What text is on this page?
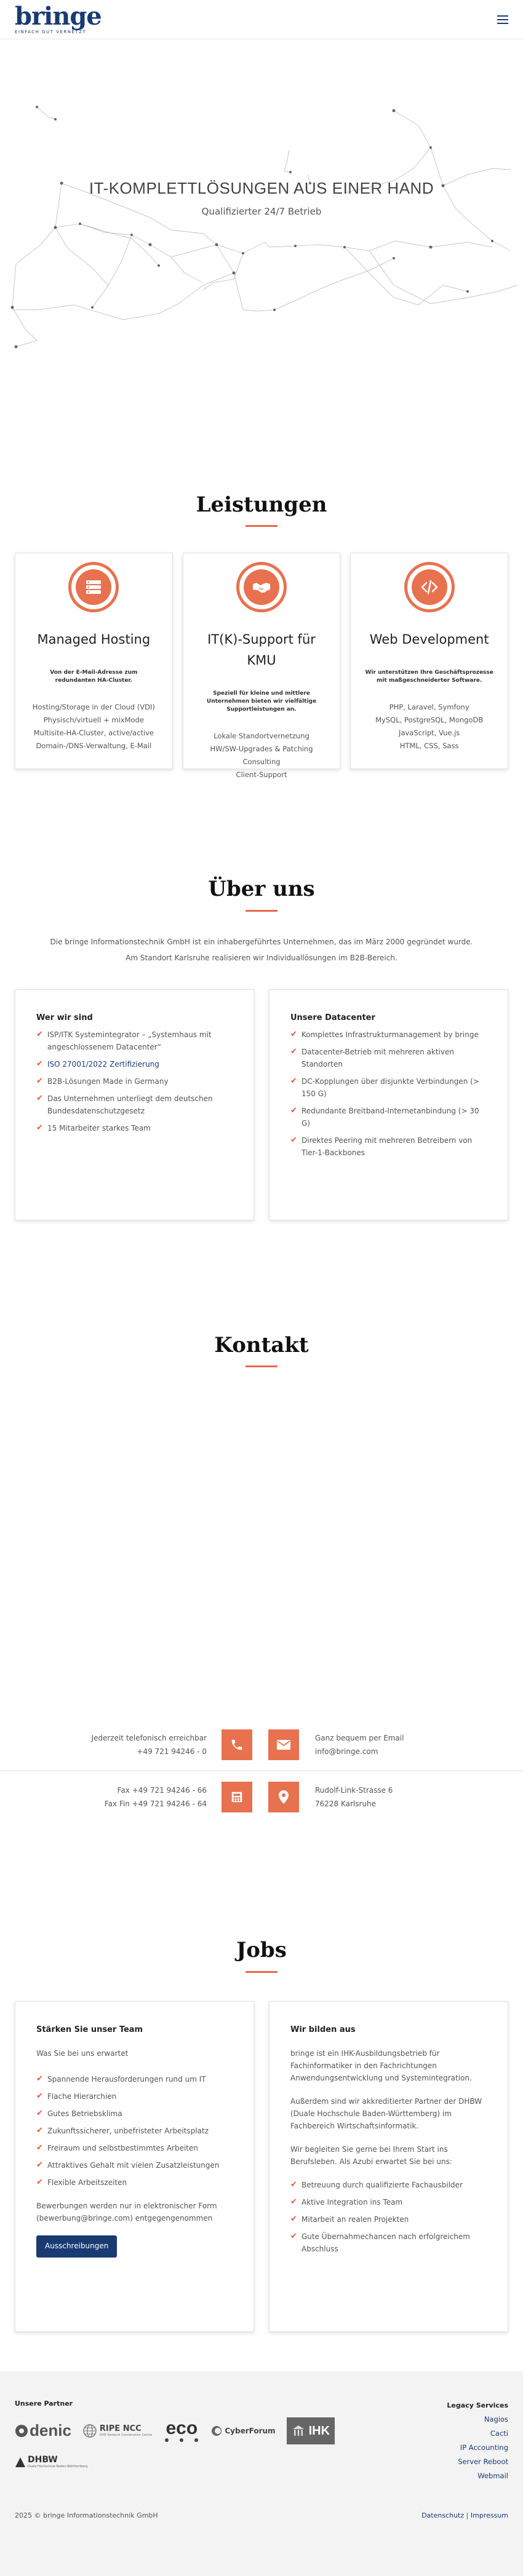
bringe
EINFACH GUT VERNETZT
IT-KOMPLETTLÖSUNGEN AUS EINER HAND
Qualifizierter 24/7 Betrieb
Leistungen
Managed Hosting
Von der E-Mail-Adresse zum redundanten HA-Cluster.
Hosting/Storage in der Cloud (VDI)
Physisch/virtuell + mixMode
Multisite-HA-Cluster, active/active
Domain-/DNS-Verwaltung, E-Mail
IT(K)-Support für KMU
Speziell für kleine und mittlere Unternehmen bieten wir vielfältige Supportleistungen an.
Lokale Standortvernetzung
HW/SW-Upgrades & Patching
Consulting
Client-Support
Web Development
Wir unterstützen Ihre Geschäftsprozesse mit maßgeschneiderter Software.
PHP, Laravel, Symfony
MySQL, PostgreSQL, MongoDB
JavaScript, Vue.js
HTML, CSS, Sass
Über uns
Die bringe Informationstechnik GmbH ist ein inhabergeführtes Unternehmen, das im März 2000 gegründet wurde.
Am Standort Karlsruhe realisieren wir Individuallösungen im B2B-Bereich.
Wer wir sind
✔ ISP/ITK Systemintegrator – „Systemhaus mit angeschlossenem Datacenter“
✔ ISO 27001/2022 Zertifizierung
✔ B2B-Lösungen Made in Germany
✔ Das Unternehmen unterliegt dem deutschen Bundesdatenschutzgesetz
✔ 15 Mitarbeiter starkes Team
Unsere Datacenter
✔ Komplettes Infrastrukturmanagement by bringe
✔ Datacenter-Betrieb mit mehreren aktiven Standorten
✔ DC-Kopplungen über disjunkte Verbindungen (> 150 G)
✔ Redundante Breitband-Internetanbindung (> 30 G)
✔ Direktes Peering mit mehreren Betreibern von Tier-1-Backbones
Kontakt
Jederzeit telefonisch erreichbar
+49 721 94246 - 0
Ganz bequem per Email
info@bringe.com
Fax +49 721 94246 - 66
Fax Fin +49 721 94246 - 64
Rudolf-Link-Strasse 6
76228 Karlsruhe
Jobs
Stärken Sie unser Team
Was Sie bei uns erwartet
✔ Spannende Herausforderungen rund um IT
✔ Flache Hierarchien
✔ Gutes Betriebsklima
✔ Zukunftssicherer, unbefristeter Arbeitsplatz
✔ Freiraum und selbstbestimmtes Arbeiten
✔ Attraktives Gehalt mit vielen Zusatzleistungen
✔ Flexible Arbeitszeiten
Bewerbungen werden nur in elektronischer Form (bewerbung@bringe.com) entgegengenommen
Ausschreibungen
Wir bilden aus
bringe ist ein IHK-Ausbildungsbetrieb für Fachinformatiker in den Fachrichtungen Anwendungsentwicklung und Systemintegration.
Außerdem sind wir akkreditierter Partner der DHBW (Duale Hochschule Baden-Württemberg) im Fachbereich Wirtschaftsinformatik.
Wir begleiten Sie gerne bei Ihrem Start ins Berufsleben. Als Azubi erwartet Sie bei uns:
✔ Betreuung durch qualifizierte Fachausbilder
✔ Aktive Integration ins Team
✔ Mitarbeit an realen Projekten
✔ Gute Übernahmechancen nach erfolgreichem Abschluss
Unsere Partner
denic	RIPE NCC
RIPE Network Coordination Centre eco	CyberForum	IHK
DHBW
Duale Hochschule Baden-Württemberg
Legacy Services
Nagios
Cacti
IP Accounting
Server Reboot
Webmail
2025 © bringe Informationstechnik GmbH	Datenschutz | Impressum
